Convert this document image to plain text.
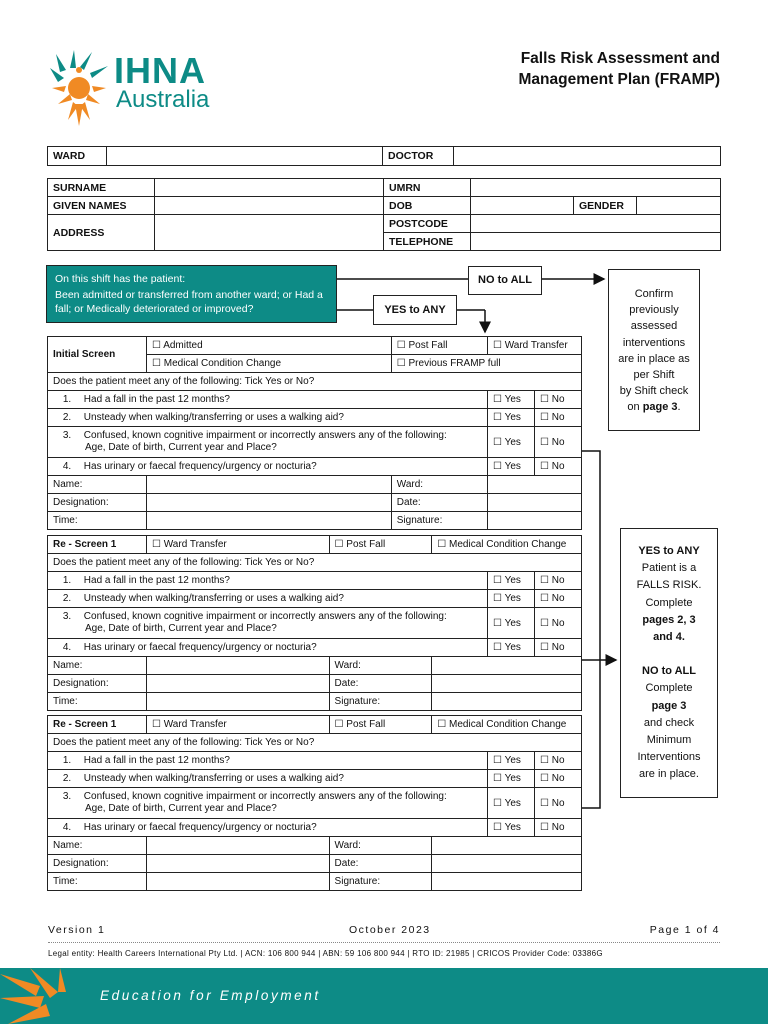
IHNA
Australia
Falls Risk Assessment and
Management Plan (FRAMP)
WARD		DOCTOR	
SURNAME		UMRN			
GIVEN NAMES		DOB		GENDER	
ADDRESS		POSTCODE			
		TELEPHONE			
On this shift has the patient:
Been admitted or transferred from another ward; or Had a fall; or Medically deteriorated or improved?
NO to ALL
YES to ANY
Confirm
previously
assessed
interventions
are in place as
per Shift
by Shift check
on page 3.
YES to ANY
Patient is a
FALLS RISK.
Complete
pages 2, 3
and 4.
NO to ALL
Complete
page 3
and check
Minimum
Interventions
are in place.
Initial Screen	☐ Admitted	☐ Post Fall	☐ Ward Transfer	
	☐ Medical Condition Change	☐ Previous FRAMP full		
Does the patient meet any of the following: Tick Yes or No?				
1. Had a fall in the past 12 months?			☐ Yes	☐ No
2. Unsteady when walking/transferring or uses a walking aid?			☐ Yes	☐ No
3. Confused, known cognitive impairment or incorrectly answers any of the following:
Age, Date of birth, Current year and Place?			☐ Yes	☐ No
4. Has urinary or faecal frequency/urgency or nocturia?			☐ Yes	☐ No
Name:		Ward:		
Designation:		Date:		
Time:		Signature:		
Re - Screen 1	☐ Ward Transfer	☐ Post Fall	☐ Medical Condition Change		
Does the patient meet any of the following: Tick Yes or No?					
1. Had a fall in the past 12 months?				☐ Yes	☐ No
2. Unsteady when walking/transferring or uses a walking aid?				☐ Yes	☐ No
3. Confused, known cognitive impairment or incorrectly answers any of the following:
Age, Date of birth, Current year and Place?				☐ Yes	☐ No
4. Has urinary or faecal frequency/urgency or nocturia?				☐ Yes	☐ No
Name:		Ward:			
Designation:		Date:			
Time:		Signature:			
Re - Screen 1	☐ Ward Transfer	☐ Post Fall	☐ Medical Condition Change		
Does the patient meet any of the following: Tick Yes or No?					
1. Had a fall in the past 12 months?				☐ Yes	☐ No
2. Unsteady when walking/transferring or uses a walking aid?				☐ Yes	☐ No
3. Confused, known cognitive impairment or incorrectly answers any of the following:
Age, Date of birth, Current year and Place?				☐ Yes	☐ No
4. Has urinary or faecal frequency/urgency or nocturia?				☐ Yes	☐ No
Name:		Ward:			
Designation:		Date:			
Time:		Signature:			
Version 1	October 2023	Page 1 of 4
Legal entity: Health Careers International Pty Ltd. | ACN: 106 800 944 | ABN: 59 106 800 944 | RTO ID: 21985 | CRICOS Provider Code: 03386G
Education for Employment
